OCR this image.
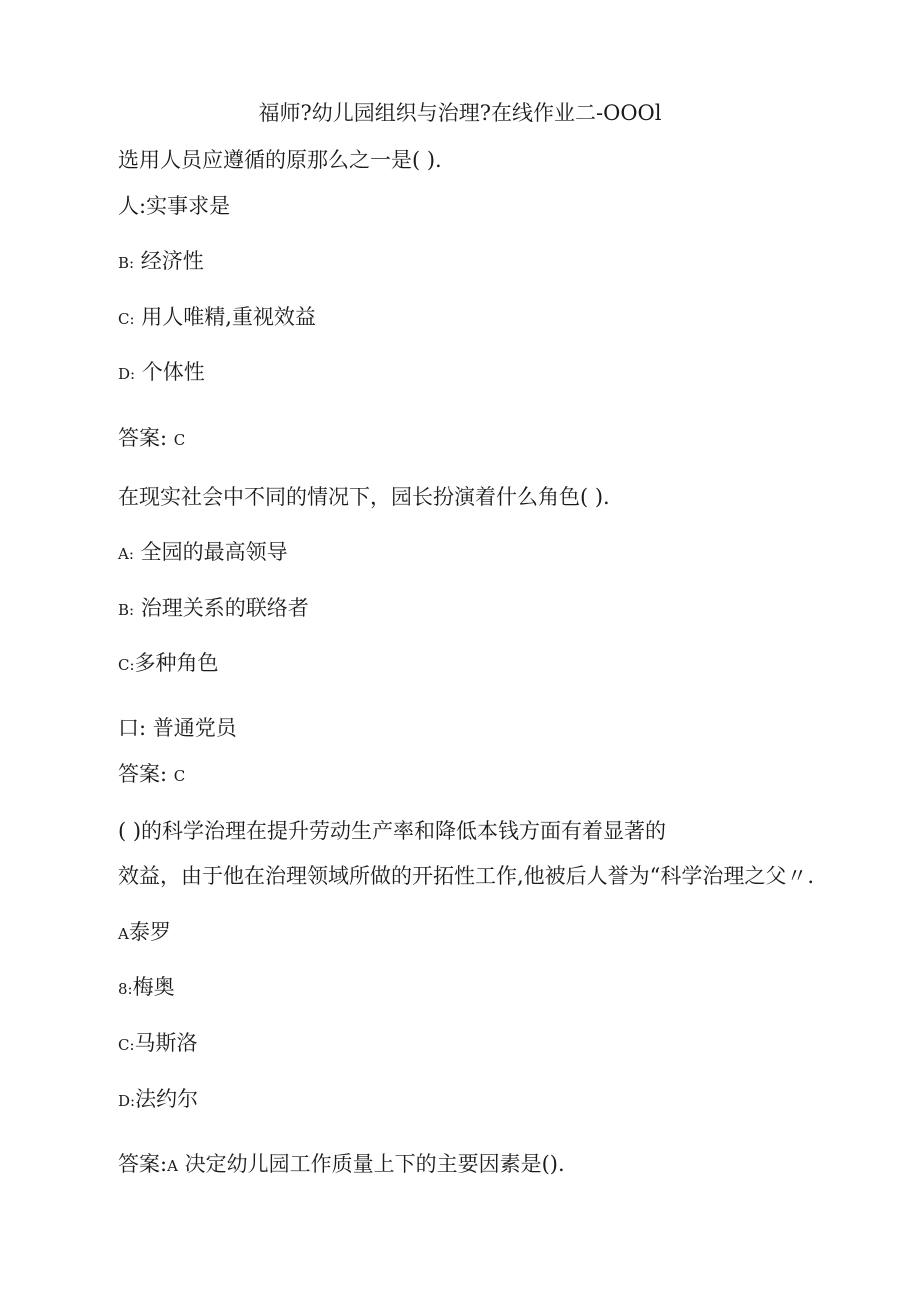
福师?幼儿园组织与治理?在线作业二-OOOl
选用人员应遵循的原那么之一是( ).
人:实事求是
B: 经济性
C: 用人唯精,重视效益
D: 个体性
答案: C
在现实社会中不同的情况下，园长扮演着什么角色( ).
A: 全园的最高领导
B: 治理关系的联络者
C:多种角色
口: 普通党员
答案: C
( )的科学治理在提升劳动生产率和降低本钱方面有着显著的
效益，由于他在治理领域所做的开拓性工作,他被后人誉为“科学治理之父〃.
A泰罗
8:梅奥
C:马斯洛
D:法约尔
答案:A 决定幼儿园工作质量上下的主要因素是().
